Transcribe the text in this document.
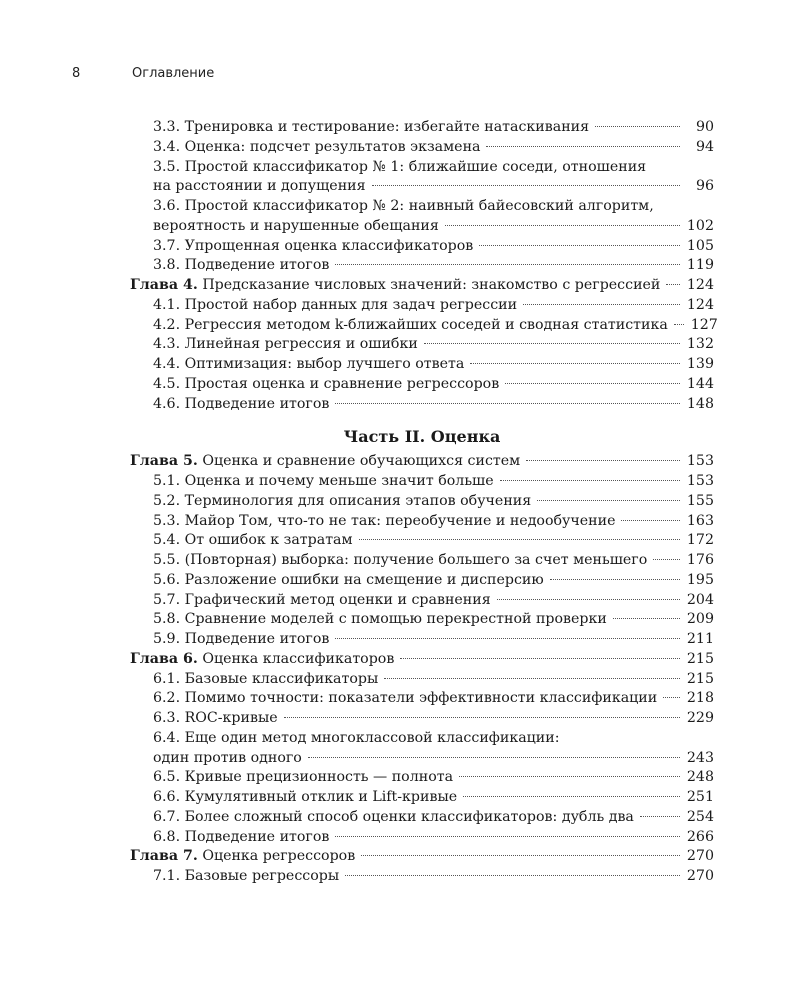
8	Оглавление
3.3. Тренировка и тестирование: избегайте натаскивания	90
3.4. Оценка: подсчет результатов экзамена	94
3.5. Простой классификатор № 1: ближайшие соседи, отношения
на расстоянии и допущения	96
3.6. Простой классификатор № 2: наивный байесовский алгоритм,
вероятность и нарушенные обещания	102
3.7. Упрощенная оценка классификаторов	105
3.8. Подведение итогов	119
Глава 4. Предсказание числовых значений: знакомство с регрессией 124
4.1. Простой набор данных для задач регрессии	124
4.2. Регрессия методом k-ближайших соседей и сводная статистика 127
4.3. Линейная регрессия и ошибки	132
4.4. Оптимизация: выбор лучшего ответа	139
4.5. Простая оценка и сравнение регрессоров	144
4.6. Подведение итогов	148
Часть II. Оценка
Глава 5. Оценка и сравнение обучающихся систем	153
5.1. Оценка и почему меньше значит больше	153
5.2. Терминология для описания этапов обучения	155
5.3. Майор Том, что-то не так: переобучение и недообучение	163
5.4. От ошибок к затратам	172
5.5. (Повторная) выборка: получение большего за счет меньшего	176
5.6. Разложение ошибки на смещение и дисперсию	195
5.7. Графический метод оценки и сравнения	204
5.8. Сравнение моделей с помощью перекрестной проверки	209
5.9. Подведение итогов	211
Глава 6. Оценка классификаторов	215
6.1. Базовые классификаторы	215
6.2. Помимо точности: показатели эффективности классификации 218
6.3. ROC-кривые	229
6.4. Еще один метод многоклассовой классификации:
один против одного	243
6.5. Кривые прецизионность — полнота	248
6.6. Кумулятивный отклик и Lift-кривые	251
6.7. Более сложный способ оценки классификаторов: дубль два	254
6.8. Подведение итогов	266
Глава 7. Оценка регрессоров	270
7.1. Базовые регрессоры	270
